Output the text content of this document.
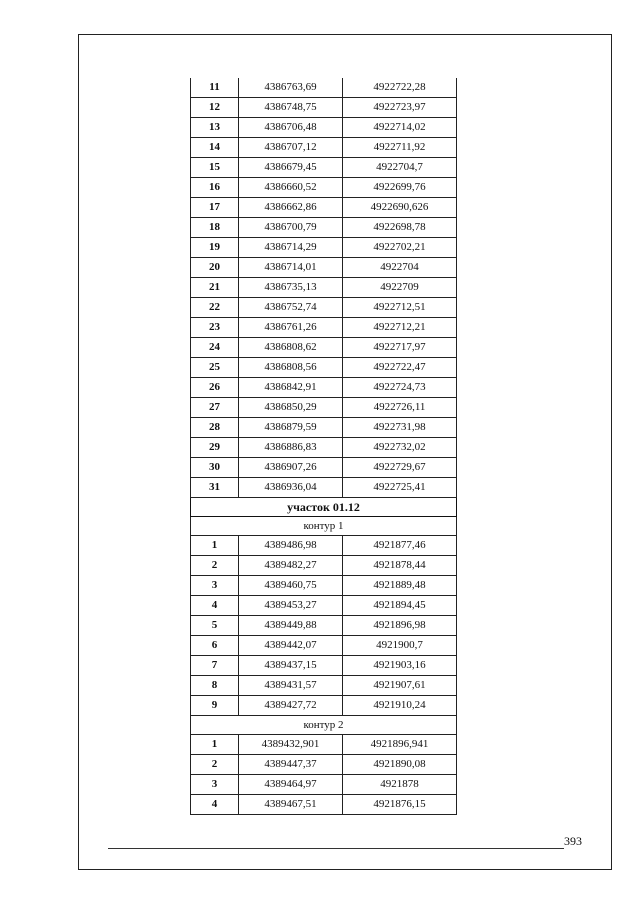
11	4386763,69	4922722,28
12	4386748,75	4922723,97
13	4386706,48	4922714,02
14	4386707,12	4922711,92
15	4386679,45	4922704,7
16	4386660,52	4922699,76
17	4386662,86	4922690,626
18	4386700,79	4922698,78
19	4386714,29	4922702,21
20	4386714,01	4922704
21	4386735,13	4922709
22	4386752,74	4922712,51
23	4386761,26	4922712,21
24	4386808,62	4922717,97
25	4386808,56	4922722,47
26	4386842,91	4922724,73
27	4386850,29	4922726,11
28	4386879,59	4922731,98
29	4386886,83	4922732,02
30	4386907,26	4922729,67
31	4386936,04	4922725,41
участок 01.12		
контур 1		
1	4389486,98	4921877,46
2	4389482,27	4921878,44
3	4389460,75	4921889,48
4	4389453,27	4921894,45
5	4389449,88	4921896,98
6	4389442,07	4921900,7
7	4389437,15	4921903,16
8	4389431,57	4921907,61
9	4389427,72	4921910,24
контур 2		
1	4389432,901	4921896,941
2	4389447,37	4921890,08
3	4389464,97	4921878
4	4389467,51	4921876,15
393
